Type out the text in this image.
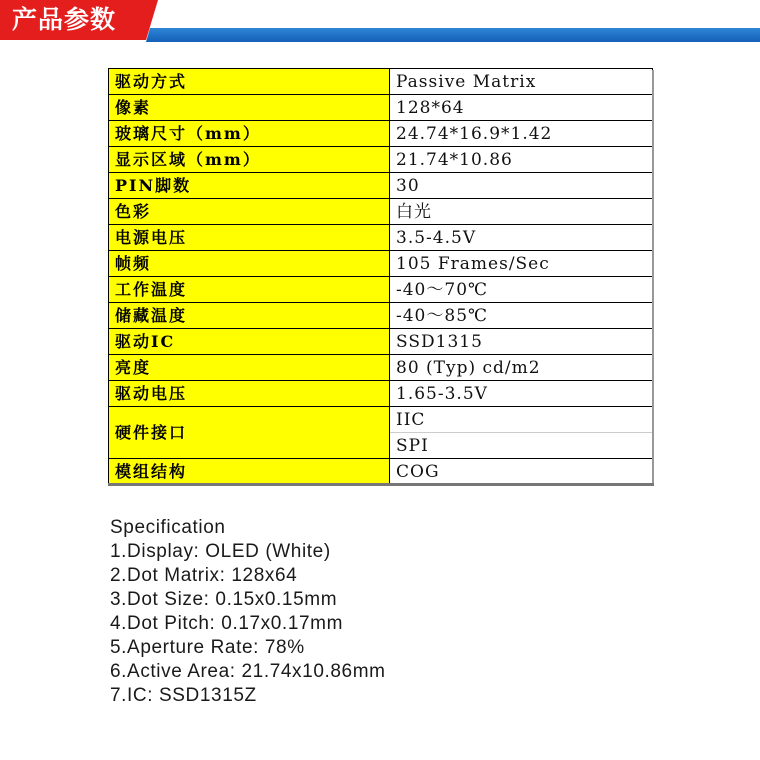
产品参数
驱动方式	Passive Matrix
像素	128*64
玻璃尺寸（mm）	24.74*16.9*1.42
显示区域（mm）	21.74*10.86
PIN脚数	30
色彩	白光
电源电压	3.5-4.5V
帧频	105 Frames/Sec
工作温度	-40～70℃
储藏温度	-40～85℃
驱动IC	SSD1315
亮度	80 (Typ) cd/m2
驱动电压	1.65-3.5V
硬件接口	IIC
	SPI
模组结构	COG
Specification
1.Display: OLED (White)
2.Dot Matrix: 128x64
3.Dot Size: 0.15x0.15mm
4.Dot Pitch: 0.17x0.17mm
5.Aperture Rate: 78%
6.Active Area: 21.74x10.86mm
7.IC: SSD1315Z
